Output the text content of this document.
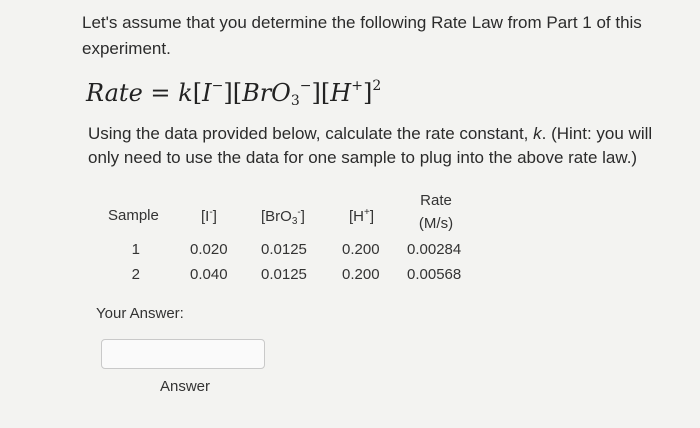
Let's assume that you determine the following Rate Law from Part 1 of this experiment.

Rate = $k[I^-][BrO_3^-][H^+]^2$

Using the data provided below, calculate the rate constant, k. (Hint: you will only need to use the data for one sample to plug into the above rate law.)

Sample	[I-]	[BrO$_3$-]	[H+]
Rate
(M/s)
1	0.020 0.0125 0.200 0.00284
2	0.040 0.0125 0.200 0.00568
Your Answer:
Answer
